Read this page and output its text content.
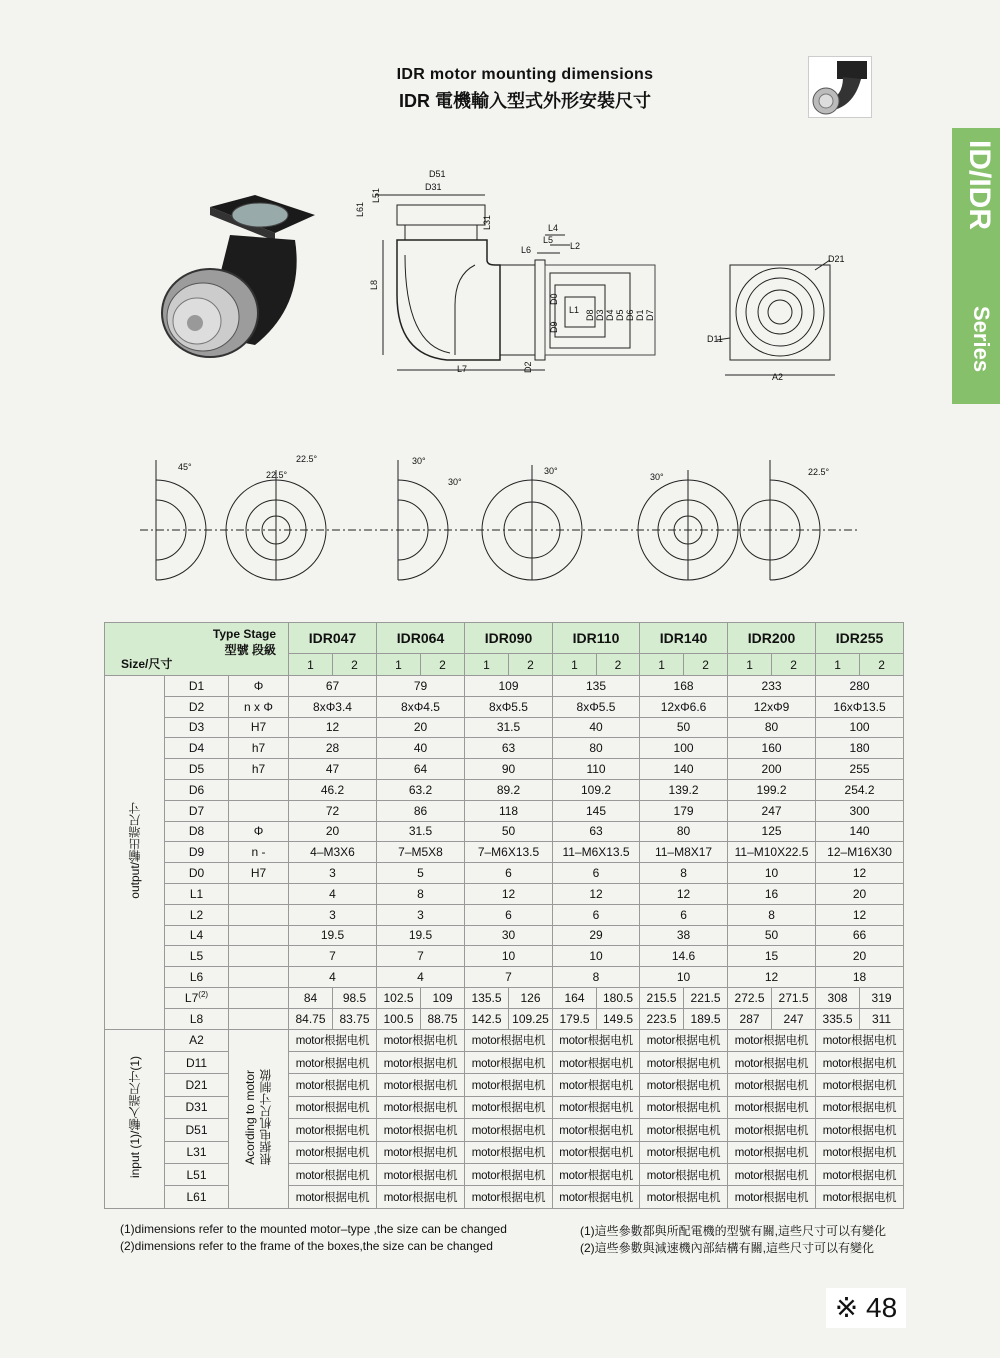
IDR motor mounting dimensions
IDR 電機輸入型式外形安裝尺寸
ID/IDR
Series
D51
D31
L51
L61
L31
L8
L7
L4
L5
L6	L2
D9
D0
L1 D8 D3 D4 D5 D6 D1 D7
D2
D21
D11
A2
45°
22.5°
22.5°	30°
30°
30°
30°	22.5°
Type Stage
型號 段級
Size/尺寸			IDR047		IDR064		IDR090		IDR110		IDR140		IDR200		IDR255	
			1	2	1	2	1	2	1	2	1	2	1	2	1	2
output/輸出端尺寸	D1	Φ	67		79		109		135		168		233		280	
	D2	n x Φ	8xΦ3.4		8xΦ4.5		8xΦ5.5		8xΦ5.5		12xΦ6.6		12xΦ9		16xΦ13.5	
	D3	H7	12		20		31.5		40		50		80		100	
	D4	h7	28		40		63		80		100		160		180	
	D5	h7	47		64		90		110		140		200		255	
	D6		46.2		63.2		89.2		109.2		139.2		199.2		254.2	
	D7		72		86		118		145		179		247		300	
	D8	Φ	20		31.5		50		63		80		125		140	
	D9	n -	4–M3X6		7–M5X8		7–M6X13.5		11–M6X13.5		11–M8X17		11–M10X22.5		12–M16X30	
	D0	H7	3		5		6		6		8		10		12	
	L1		4		8		12		12		12		16		20	
	L2		3		3		6		6		6		8		12	
	L4		19.5		19.5		30		29		38		50		66	
	L5		7		7		10		10		14.6		15		20	
	L6		4		4		7		8		10		12		18	
	L7$^{(2)}$		84	98.5	102.5	109	135.5	126	164	180.5	215.5	221.5	272.5	271.5	308	319
	L8		84.75	83.75	100.5	88.75	142.5	109.25	179.5	149.5	223.5	189.5	287	247	335.5	311
input (1)/輸入端尺寸(1)	A2	Acording to motor 根据电机尺寸制做	motor根据电机		motor根据电机		motor根据电机		motor根据电机		motor根据电机		motor根据电机		motor根据电机	
	D11		motor根据电机		motor根据电机		motor根据电机		motor根据电机		motor根据电机		motor根据电机		motor根据电机	
	D21		motor根据电机		motor根据电机		motor根据电机		motor根据电机		motor根据电机		motor根据电机		motor根据电机	
	D31		motor根据电机		motor根据电机		motor根据电机		motor根据电机		motor根据电机		motor根据电机		motor根据电机	
	D51		motor根据电机		motor根据电机		motor根据电机		motor根据电机		motor根据电机		motor根据电机		motor根据电机	
	L31		motor根据电机		motor根据电机		motor根据电机		motor根据电机		motor根据电机		motor根据电机		motor根据电机	
	L51		motor根据电机		motor根据电机		motor根据电机		motor根据电机		motor根据电机		motor根据电机		motor根据电机	
	L61		motor根据电机		motor根据电机		motor根据电机		motor根据电机		motor根据电机		motor根据电机		motor根据电机	
(1)dimensions refer to the mounted motor–type ,the size can be changed
(2)dimensions refer to the frame of the boxes,the size can be changed
(1)這些參數都與所配電機的型號有關,這些尺寸可以有變化
(2)這些參數與減速機內部結構有關,這些尺寸可以有變化
※ 48
